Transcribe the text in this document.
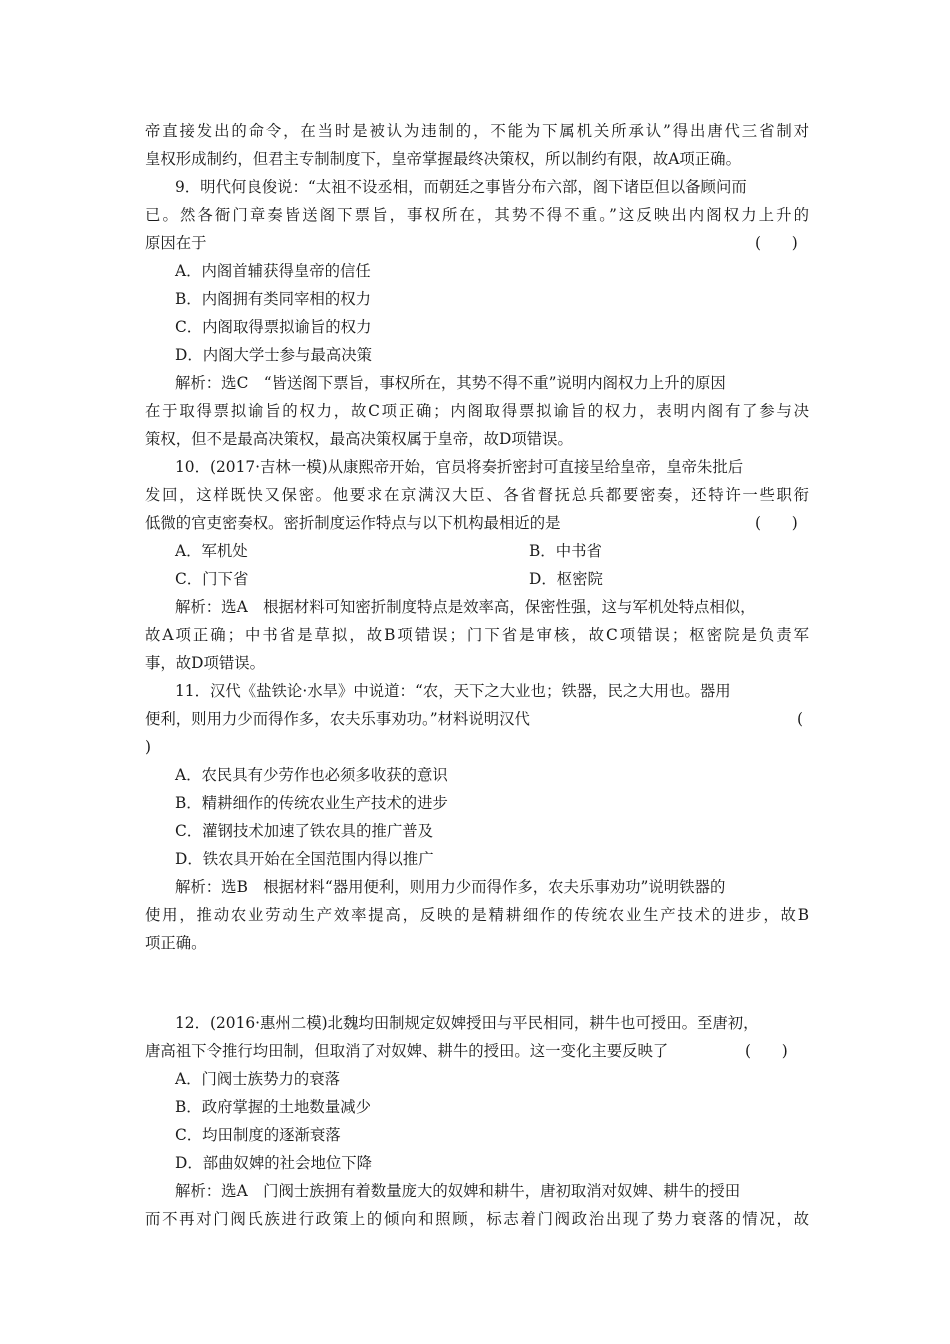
帝直接发出的命令，在当时是被认为违制的，不能为下属机关所承认”得出唐代三省制对
皇权形成制约，但君主专制制度下，皇帝掌握最终决策权，所以制约有限，故A项正确。
9．明代何良俊说：“太祖不设丞相，而朝廷之事皆分布六部，阁下诸臣但以备顾问而
已。然各衙门章奏皆送阁下票旨，事权所在，其势不得不重。”这反映出内阁权力上升的
原因在于	(　　)
A．内阁首辅获得皇帝的信任
B．内阁拥有类同宰相的权力
C．内阁取得票拟谕旨的权力
D．内阁大学士参与最高决策
解析：选C　“皆送阁下票旨，事权所在，其势不得不重”说明内阁权力上升的原因
在于取得票拟谕旨的权力，故C项正确；内阁取得票拟谕旨的权力，表明内阁有了参与决
策权，但不是最高决策权，最高决策权属于皇帝，故D项错误。
10．(2017·吉林一模)从康熙帝开始，官员将奏折密封可直接呈给皇帝，皇帝朱批后
发回，这样既快又保密。他要求在京满汉大臣、各省督抚总兵都要密奏，还特许一些职衔
低微的官吏密奏权。密折制度运作特点与以下机构最相近的是	(　　)
A．军机处	B．中书省
C．门下省	D．枢密院
解析：选A　根据材料可知密折制度特点是效率高，保密性强，这与军机处特点相似，
故A项正确；中书省是草拟，故B项错误；门下省是审核，故C项错误；枢密院是负责军
事，故D项错误。
11．汉代《盐铁论·水旱》中说道：“农，天下之大业也；铁器，民之大用也。器用
便利，则用力少而得作多，农夫乐事劝功。”材料说明汉代	(
)
A．农民具有少劳作也必须多收获的意识
B．精耕细作的传统农业生产技术的进步
C．灌钢技术加速了铁农具的推广普及
D．铁农具开始在全国范围内得以推广
解析：选B　根据材料“器用便利，则用力少而得作多，农夫乐事劝功”说明铁器的
使用，推动农业劳动生产效率提高，反映的是精耕细作的传统农业生产技术的进步，故B
项正确。
12．(2016·惠州二模)北魏均田制规定奴婢授田与平民相同，耕牛也可授田。至唐初，
唐高祖下令推行均田制，但取消了对奴婢、耕牛的授田。这一变化主要反映了	(　　)
A．门阀士族势力的衰落
B．政府掌握的土地数量减少
C．均田制度的逐渐衰落
D．部曲奴婢的社会地位下降
解析：选A　门阀士族拥有着数量庞大的奴婢和耕牛，唐初取消对奴婢、耕牛的授田
而不再对门阀氏族进行政策上的倾向和照顾，标志着门阀政治出现了势力衰落的情况，故
